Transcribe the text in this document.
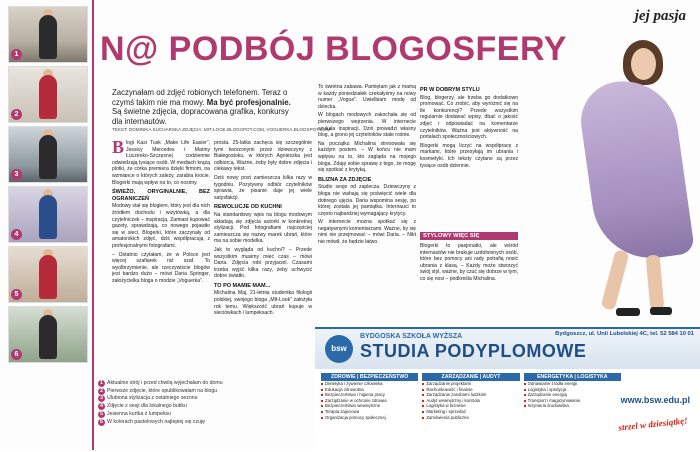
1
2
3
4
5
6
1 Aktualnie strój i przed chwilą wyjechałam do domu
2 Pierwsze zdjęcie, które opublikowałam na blogu
3 Ulubiona stylizacja z ostatniego sezonu
4 Zdjęcie z sesji dla lokalnego butiku
5 Jesienna kurtka z lumpeksu
6 W kolorach pastelowych najlepiej się czuję
jej pasja
N@ PODBÓJ BLOGOSFERY
Zaczynałam od zdjęć robionych telefonem. Teraz o czymś takim nie ma mowy. Ma być profesjonalnie. Są świetne zdjęcia, dopracowana grafika, konkursy dla internautów.
TEKST: DOMINIKA KUCHARSKA ZDJĘCIA: MIT-LOOK.BLOGSPOT.COM, VOGUERKA.BLOGSPOT.COM

Blogi Kasi Tusk „Make Life Easier”, Jessicy Mercedes i Mariny Łuczenko-Szczęsnej codziennie odwiedzają tysiące osób. W mediach krążą plotki, że córka premiera dzięki firmom, na wzmiance o których zależy, zarabia krocie. Blogerki mają wpływ na to, co nosimy.

ŚWIEŻO, ORYGINALNIE, BEZ OGRANICZEŃ

Modowy stał się blogiem, który jest dla nich źródłem dochodu i wizytówką, a dla czytelniczek – inspiracją. Zamiast kupować gazety, sprawdzają, co nowego pojawiło się w sieci. Blogerki, które zaczynały od amatorskich zdjęć, dziś współpracują z profesjonalnymi fotografami.

– Ostatnio czytałam, że w Polsce jest więcej szafiarek niż szaf. To wyolbrzymienie, ale rzeczywiście blogów jest bardzo dużo – mówi Daria Springer, założycielka bloga o modzie „Voguerka”.

prosta. 25-latka zachęca się szczególnie tymi tworzonymi przez dziewczyny z Białegostoku, w których Agnieszka jest odbiorcą. Ważne, żeby były dobre zdjęcia i ciekawy tekst.

Dziś nowy post zamieszcza kilka razy w tygodniu. Pozytywny odbiór czytelników sprawia, że pisanie daje jej wiele satysfakcji.

REWOLUCJE OD KUCHNI

Na standardowy wpis na blogu modowym składają się zdjęcia autorki w konkretnej stylizacji. Pod fotografiami najczęściej zamieszcza się nazwy marek ubrań, które ma na sobie modelka.

Jak to wygląda od kuchni? – Przede wszystkim musimy mieć czas – mówi Daria. Zdjęcia robi przyjaciel. Czasami trzeba wyjść kilka razy, żeby uchwycić dobre światło.

TO PO MAMIE MAM...

Michalina Maj, 21-letnia studentka filologii polskiej, swojego bloga „MIt-Look” założyła rok temu. Większość ubrań kupuje w sieciówkach i lumpeksach.

To świetna zabawa. Pamiętam jak z mamą w każdy poniedziałek czekałyśmy na nowy numer „Vogue”. Uwielbiam modę od dziecka.

W blogach modowych zakochała się od pierwszego wejrzenia. W internecie szukała inspiracji. Dziś prowadzi własny blog, a grono jej czytelników stale rośnie.

Na początku Michalina stresowała się każdym postem. – W końcu nie mam wpływu na to, kto zagląda na mojego bloga. Zdaję sobie sprawę z tego, że mogę się spotkać z krytyką.

BLIZNA ZA ZDJĘCIE

Studio sesje od zaplecza. Dziewczyny z bloga nie wahają się poświęcić wiele dla dobrego ujęcia. Daria wspomina sesję, po której została jej pamiątka. Internauci to często najbardziej wymagający krytycy.

W internecie można spotkać się z negatywnymi komentarzami. Ważne, by się nimi nie przejmować – mówi Daria. – Nikt nie mówił, że będzie łatwo.

PR W DOBRYM STYLU

Blog, blogerzy, ale trzeba go dodatkowo promować. Co zrobić, aby wyróżnić się na tle konkurencji? Przede wszystkim regularnie dodawać wpisy, dbać o jakość zdjęć i odpowiadać na komentarze czytelników. Ważna jest aktywność na portalach społecznościowych.

Blogerki mogą liczyć na współpracę z markami, które przesyłają im ubrania i kosmetyki. Ich teksty czytane są przez tysiące osób dziennie.

STYLOWY WIĘC SIĘ
Blogerki to pasjonatki, ale wśród internautów nie brakuje uzdolnionych osób, które bez pomocy ani rady potrafią nosić ubrania z klasą. – Każdy może stworzyć swój styl, ważne, by czuć się dobrze w tym, co się nosi – podkreśla Michalina.
bsw
BYDGOSKA SZKOŁA WYŻSZA
STUDIA PODYPLOMOWE
Bydgoszcz, ul. Unii Lubelskiej 4C, tel. 52 584 10 01
ZDROWIE | BEZPIECZEŃSTWO
Dietetyka i żywienie człowieka
Edukacja zdrowotna
Bezpieczeństwo i higiena pracy
Zarządzanie w ochronie zdrowia
Bezpieczeństwo wewnętrzne
Terapia zajęciowa
Organizacja pomocy społecznej
ZARZĄDZANIE | AUDYT
Zarządzanie projektami
Rachunkowość i finanse
Zarządzanie zasobami ludzkimi
Audyt wewnętrzny i kontrola
Logistyka w biznesie
Marketing i sprzedaż
Zamówienia publiczne
ENERGETYKA | LOGISTYKA
Odnawialne źródła energii
Logistyka i spedycja
Zarządzanie energią
Transport i magazynowanie
Inżynieria środowiska
www.bsw.edu.pl
strzel w dziesiątkę!
